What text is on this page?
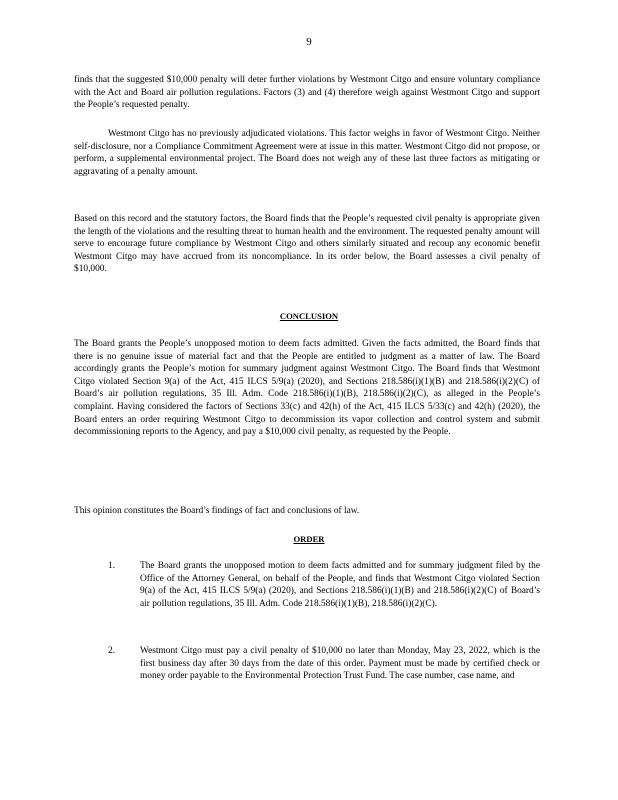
9

finds that the suggested $10,000 penalty will deter further violations by Westmont Citgo and ensure voluntary compliance with the Act and Board air pollution regulations. Factors (3) and (4) therefore weigh against Westmont Citgo and support the People’s requested penalty.

Westmont Citgo has no previously adjudicated violations. This factor weighs in favor of Westmont Citgo. Neither self-disclosure, nor a Compliance Commitment Agreement were at issue in this matter. Westmont Citgo did not propose, or perform, a supplemental environmental project. The Board does not weigh any of these last three factors as mitigating or aggravating of a penalty amount.

Based on this record and the statutory factors, the Board finds that the People’s requested civil penalty is appropriate given the length of the violations and the resulting threat to human health and the environment. The requested penalty amount will serve to encourage future compliance by Westmont Citgo and others similarly situated and recoup any economic benefit Westmont Citgo may have accrued from its noncompliance. In its order below, the Board assesses a civil penalty of $10,000.

CONCLUSION

The Board grants the People’s unopposed motion to deem facts admitted. Given the facts admitted, the Board finds that there is no genuine issue of material fact and that the People are entitled to judgment as a matter of law. The Board accordingly grants the People’s motion for summary judgment against Westmont Citgo. The Board finds that Westmont Citgo violated Section 9(a) of the Act, 415 ILCS 5/9(a) (2020), and Sections 218.586(i)(1)(B) and 218.586(i)(2)(C) of Board’s air pollution regulations, 35 Ill. Adm. Code 218.586(i)(1)(B), 218.586(i)(2)(C), as alleged in the People’s complaint. Having considered the factors of Sections 33(c) and 42(h) of the Act, 415 ILCS 5/33(c) and 42(h) (2020), the Board enters an order requiring Westmont Citgo to decommission its vapor collection and control system and submit decommissioning reports to the Agency, and pay a $10,000 civil penalty, as requested by the People.

This opinion constitutes the Board’s findings of fact and conclusions of law.

ORDER
1.	The Board grants the unopposed motion to deem facts admitted and for summary judgment filed by the Office of the Attorney General, on behalf of the People, and finds that Westmont Citgo violated Section 9(a) of the Act, 415 ILCS 5/9(a) (2020), and Sections 218.586(i)(1)(B) and 218.586(i)(2)(C) of Board’s air pollution regulations, 35 Ill. Adm. Code 218.586(i)(1)(B), 218.586(i)(2)(C).
2.	Westmont Citgo must pay a civil penalty of $10,000 no later than Monday, May 23, 2022, which is the first business day after 30 days from the date of this order. Payment must be made by certified check or money order payable to the Environmental Protection Trust Fund. The case number, case name, and
